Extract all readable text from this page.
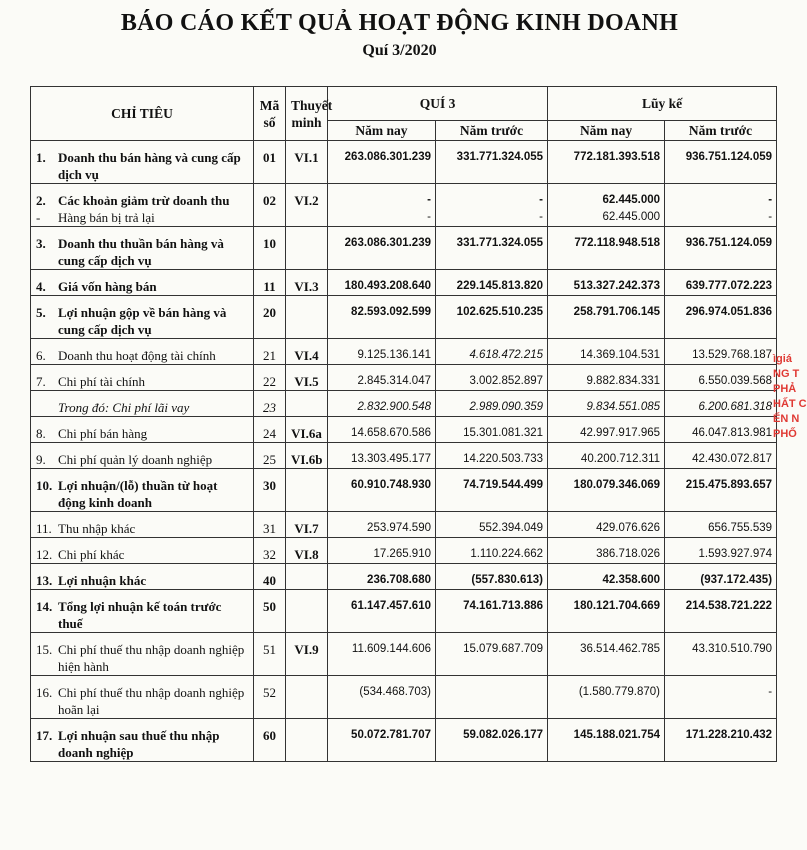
BÁO CÁO KẾT QUẢ HOẠT ĐỘNG KINH DOANH
Quí 3/2020
CHỈ TIÊU	Mã số	Thuyết minh	QUÍ 3		Lũy kế	
			Năm nay	Năm trước	Năm nay	Năm trước

1. Doanh thu bán hàng và cung cấp dịch vụ	01	VI.1	263.086.301.239	331.771.324.055	772.181.393.518	936.751.124.059

2. Các khoản giảm trừ doanh thu	02	VI.2	-	-	62.445.000	-

- Hàng bán bị trả lại			-	-	62.445.000	-

3. Doanh thu thuần bán hàng và cung cấp dịch vụ	10		263.086.301.239	331.771.324.055	772.118.948.518	936.751.124.059

4. Giá vốn hàng bán	11	VI.3	180.493.208.640	229.145.813.820	513.327.242.373	639.777.072.223

5. Lợi nhuận gộp về bán hàng và cung cấp dịch vụ	20		82.593.092.599	102.625.510.235	258.791.706.145	296.974.051.836

6. Doanh thu hoạt động tài chính	21	VI.4	9.125.136.141	4.618.472.215	14.369.104.531	13.529.768.187

7. Chi phí tài chính	22	VI.5	2.845.314.047	3.002.852.897	9.882.834.331	6.550.039.568

Trong đó: Chi phí lãi vay	23		2.832.900.548	2.989.090.359	9.834.551.085	6.200.681.318

8. Chi phí bán hàng	24	VI.6a	14.658.670.586	15.301.081.321	42.997.917.965	46.047.813.981

9. Chi phí quản lý doanh nghiệp	25	VI.6b	13.303.495.177	14.220.503.733	40.200.712.311	42.430.072.817

10. Lợi nhuận/(lỗ) thuần từ hoạt động kinh doanh	30		60.910.748.930	74.719.544.499	180.079.346.069	215.475.893.657

11. Thu nhập khác	31	VI.7	253.974.590	552.394.049	429.076.626	656.755.539

12. Chi phí khác	32	VI.8	17.265.910	1.110.224.662	386.718.026	1.593.927.974

13. Lợi nhuận khác	40		236.708.680	(557.830.613)	42.358.600	(937.172.435)

14. Tổng lợi nhuận kế toán trước thuế	50		61.147.457.610	74.161.713.886	180.121.704.669	214.538.721.222

15. Chi phí thuế thu nhập doanh nghiệp hiện hành	51	VI.9	11.609.144.606	15.079.687.709	36.514.462.785	43.310.510.790

16. Chi phí thuế thu nhập doanh nghiệp hoãn lại	52		(534.468.703)		(1.580.779.870)	-

17. Lợi nhuận sau thuế thu nhập doanh nghiệp	60		50.072.781.707	59.082.026.177	145.188.021.754	171.228.210.432
ìgiá
NG T
PHẢ
HẤT C
ẾN N
PHỐ
